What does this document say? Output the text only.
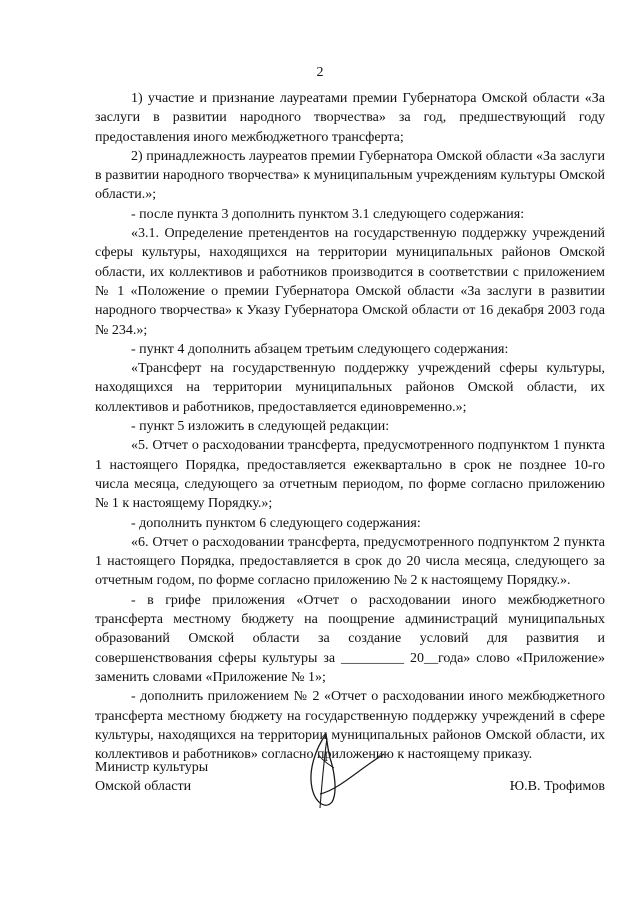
2

1) участие и признание лауреатами премии Губернатора Омской области «За заслуги в развитии народного творчества» за год, предшествующий году предоставления иного межбюджетного трансферта;

2) принадлежность лауреатов премии Губернатора Омской области «За заслуги в развитии народного творчества» к муниципальным учреждениям культуры Омской области.»;

- после пункта 3 дополнить пунктом 3.1 следующего содержания:

«3.1. Определение претендентов на государственную поддержку учреждений сферы культуры, находящихся на территории муниципальных районов Омской области, их коллективов и работников производится в соответствии с приложением № 1 «Положение о премии Губернатора Омской области «За заслуги в развитии народного творчества» к Указу Губернатора Омской области от 16 декабря 2003 года № 234.»;

- пункт 4 дополнить абзацем третьим следующего содержания:

«Трансферт на государственную поддержку учреждений сферы культуры, находящихся на территории муниципальных районов Омской области, их коллективов и работников, предоставляется единовременно.»;

- пункт 5 изложить в следующей редакции:

«5. Отчет о расходовании трансферта, предусмотренного подпунктом 1 пункта 1 настоящего Порядка, предоставляется ежеквартально в срок не позднее 10-го числа месяца, следующего за отчетным периодом, по форме согласно приложению № 1 к настоящему Порядку.»;

- дополнить пунктом 6 следующего содержания:

«6. Отчет о расходовании трансферта, предусмотренного подпунктом 2 пункта 1 настоящего Порядка, предоставляется в срок до 20 числа месяца, следующего за отчетным годом, по форме согласно приложению № 2 к настоящему Порядку.».

- в грифе приложения «Отчет о расходовании иного межбюджетного трансферта местному бюджету на поощрение администраций муниципальных образований Омской области за создание условий для развития и совершенствования сферы культуры за _________ 20__года» слово «Приложение» заменить словами «Приложение № 1»;

- дополнить приложением № 2 «Отчет о расходовании иного межбюджетного трансферта местному бюджету на государственную поддержку учреждений в сфере культуры, находящихся на территории муниципальных районов Омской области, их коллективов и работников» согласно приложению к настоящему приказу.

Министр культуры
Омской области	Ю.В. Трофимов
